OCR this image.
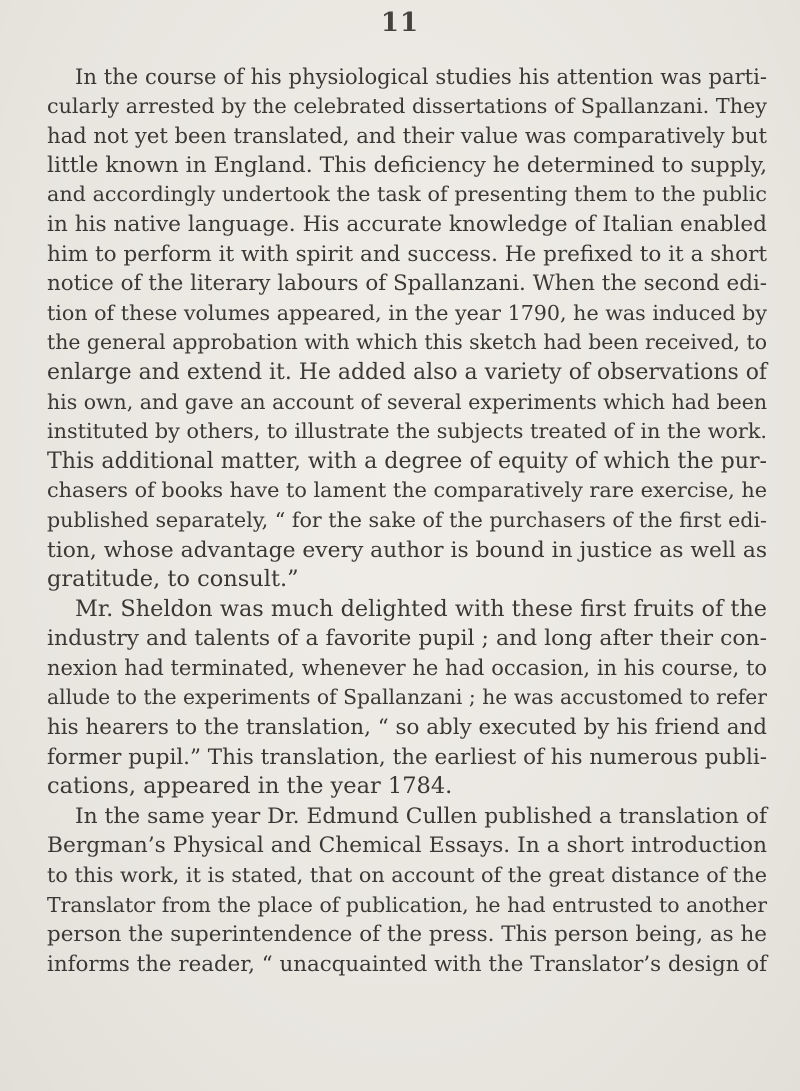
11
In the course of his physiological studies his attention was parti-
cularly arrested by the celebrated dissertations of Spallanzani. They
had not yet been translated, and their value was comparatively but
little known in England. This deficiency he determined to supply,
and accordingly undertook the task of presenting them to the public
in his native language. His accurate knowledge of Italian enabled
him to perform it with spirit and success. He prefixed to it a short
notice of the literary labours of Spallanzani. When the second edi-
tion of these volumes appeared, in the year 1790, he was induced by
the general approbation with which this sketch had been received, to
enlarge and extend it. He added also a variety of observations of
his own, and gave an account of several experiments which had been
instituted by others, to illustrate the subjects treated of in the work.
This additional matter, with a degree of equity of which the pur-
chasers of books have to lament the comparatively rare exercise, he
published separately, “ for the sake of the purchasers of the first edi-
tion, whose advantage every author is bound in justice as well as
gratitude, to consult.”
Mr. Sheldon was much delighted with these first fruits of the
industry and talents of a favorite pupil ; and long after their con-
nexion had terminated, whenever he had occasion, in his course, to
allude to the experiments of Spallanzani ; he was accustomed to refer
his hearers to the translation, “ so ably executed by his friend and
former pupil.” This translation, the earliest of his numerous publi-
cations, appeared in the year 1784.
In the same year Dr. Edmund Cullen published a translation of
Bergman’s Physical and Chemical Essays. In a short introduction
to this work, it is stated, that on account of the great distance of the
Translator from the place of publication, he had entrusted to another
person the superintendence of the press. This person being, as he
informs the reader, “ unacquainted with the Translator’s design of
